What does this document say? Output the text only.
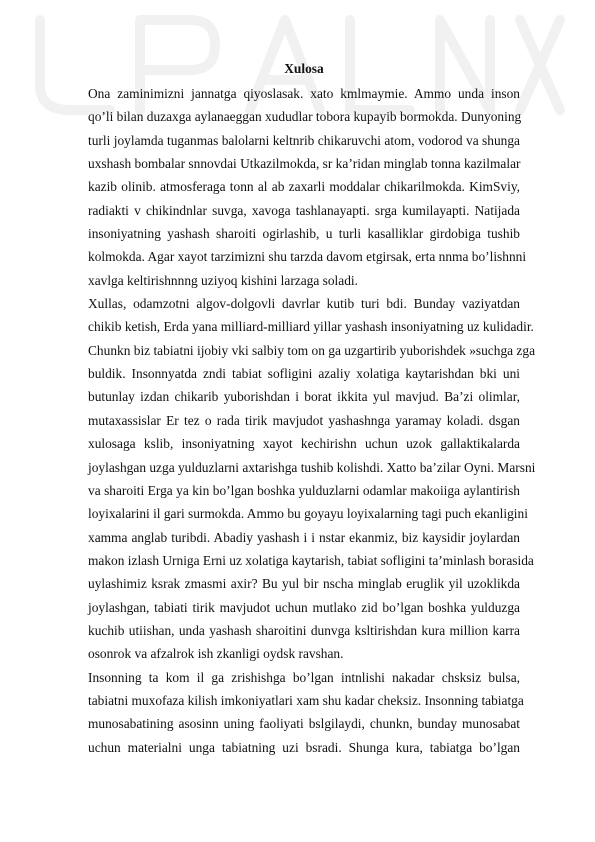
Xulosa
Ona zaminimizni jannatga qiyoslasak. xato kmlmaymie. Ammo unda inson
qo’li bilan duzaxga aylanaeggan xududlar tobora kupayib bormokda. Dunyoning
turli joylamda tuganmas balolarni keltnrib chikaruvchi atom, vodorod va shunga
uxshash bombalar snnovdai Utkazilmokda, sr ka’ridan minglab tonna kazilmalar
kazib olinib. atmosferaga tonn al ab zaxarli moddalar chikarilmokda. KimSviy,
radiakti v chikindnlar suvga, xavoga tashlanayapti. srga kumilayapti. Natijada
insoniyatning yashash sharoiti ogirlashib, u turli kasalliklar girdobiga tushib
kolmokda. Agar xayot tarzimizni shu tarzda davom etgirsak, erta nnma bo’lishnni
xavlga keltirishnnng uziyoq kishini larzaga soladi.
Xullas, odamzotni algov-dolgovli davrlar kutib turi bdi. Bunday vaziyatdan
chikib ketish, Erda yana milliard-milliard yillar yashash insoniyatning uz kulidadir.
Chunkn biz tabiatni ijobiy vki salbiy tom on ga uzgartirib yuborishdek »suchga zga
buldik. Insonnyatda zndi tabiat sofligini azaliy xolatiga kaytarishdan bki uni
butunlay izdan chikarib yuborishdan i borat ikkita yul mavjud. Ba’zi olimlar,
mutaxassislar Er tez o rada tirik mavjudot yashashnga yaramay koladi. dsgan
xulosaga kslib, insoniyatning xayot kechirishn uchun uzok gallaktikalarda
joylashgan uzga yulduzlarni axtarishga tushib kolishdi. Xatto ba’zilar Oyni. Marsni
va sharoiti Erga ya kin bo’lgan boshka yulduzlarni odamlar makoiiga aylantirish
loyixalarini il gari surmokda. Ammo bu goyayu loyixalarning tagi puch ekanligini
xamma anglab turibdi. Abadiy yashash i i nstar ekanmiz, biz kaysidir joylardan
makon izlash Urniga Erni uz xolatiga kaytarish, tabiat sofligini ta’minlash borasida
uylashimiz ksrak zmasmi axir? Bu yul bir nscha minglab eruglik yil uzoklikda
joylashgan, tabiati tirik mavjudot uchun mutlako zid bo’lgan boshka yulduzga
kuchib utiishan, unda yashash sharoitini dunvga ksltirishdan kura million karra
osonrok va afzalrok ish zkanligi oydsk ravshan.
Insonning ta kom il ga zrishishga bo’lgan intnlishi nakadar chsksiz bulsa,
tabiatni muxofaza kilish imkoniyatlari xam shu kadar cheksiz. Insonning tabiatga
munosabatining asosinn uning faoliyati bslgilaydi, chunkn, bunday munosabat
uchun materialni unga tabiatning uzi bsradi. Shunga kura, tabiatga bo’lgan
